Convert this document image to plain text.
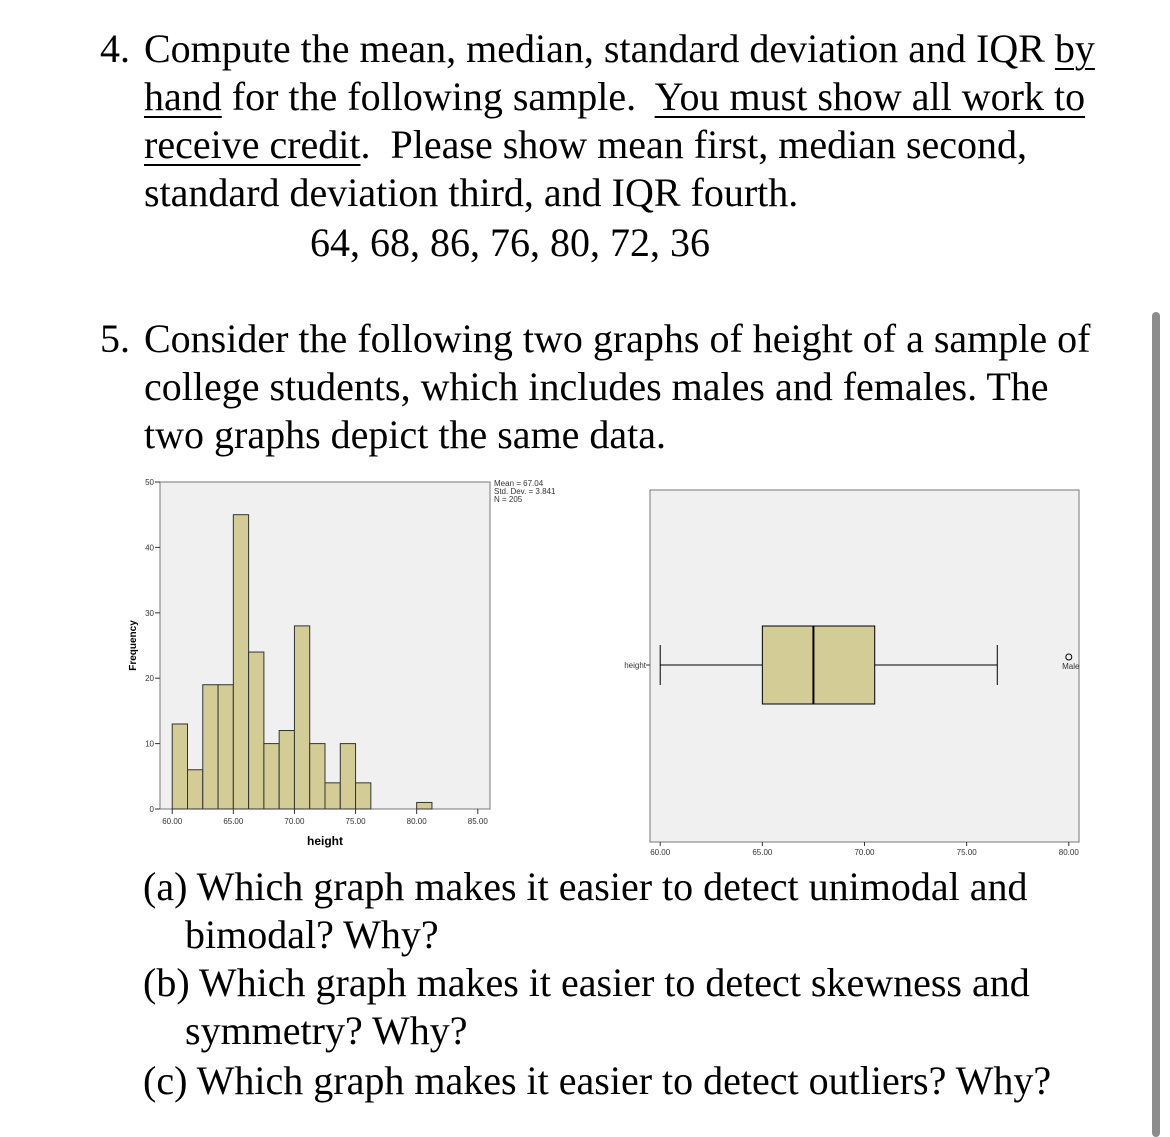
4. Compute the mean, median, standard deviation and IQR by
hand for the following sample.  You must show all work to
receive credit.  Please show mean first, median second,
standard deviation third, and IQR fourth.
64, 68, 86, 76, 80, 72, 36
5. Consider the following two graphs of height of a sample of
college students, which includes males and females. The
two graphs depict the same data.
0
10
20
30
40
50
60.00	65.00	70.00	75.00	80.00	85.00
height
Frequency
Mean = 67.04
Std. Dev. = 3.841
N = 205
height
60.00	65.00	70.00	75.00	80.00
Male
(a) Which graph makes it easier to detect unimodal and
bimodal? Why?
(b) Which graph makes it easier to detect skewness and
symmetry? Why?
(c) Which graph makes it easier to detect outliers? Why?
